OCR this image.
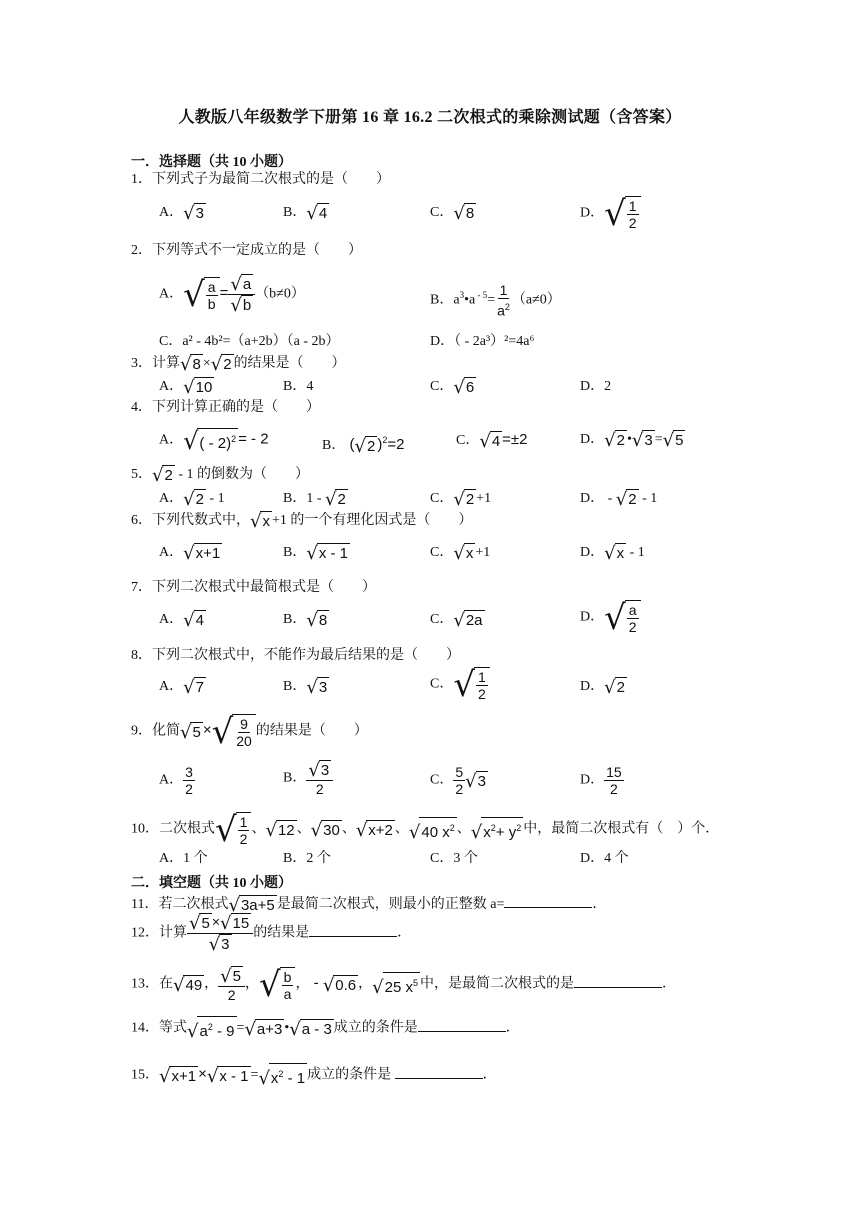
人教版八年级数学下册第 16 章 16.2 二次根式的乘除测试题（含答案）
一．选择题（共 10 小题）
1．下列式子为最简二次根式的是（　　）
A． √ 3	B． √ 4	C． √ 8	D． √ $\frac{1}{2}$
2．下列等式不一定成立的是（　　）
A． √ $\frac{a}{b} = \frac{√ a}{√ b} (b\ne 0)$	B．$a^3•a$ $^{- 5}= \frac{1}{a^2} (a\ne 0)$
C．a² - 4b²=（a+2b）（a - 2b）	D．（ - 2a³）²=4a⁶
3．计算 √ 8 × √ 2 的结果是（　　）
A． √ 10	B．4	C． √ 6	D．2
4．下列计算正确的是（　　）
A． √ ( - 2)$^2$ = - 2	B． ( √ 2 )$^2$=2	C． √ 4 =±2	D． √ 2 • √ 3 = √ 5
5． √ 2 - 1 的倒数为（　　）
A． √ 2 - 1	B．1 - √ 2	C． √ 2 +1	D． - √ 2 - 1
6．下列代数式中， √ x +1 的一个有理化因式是（　　）
A． √ x+1	B． √ x - 1	C． √ x +1	D． √ x - 1
7．下列二次根式中最简根式是（　　）
A． √ 4	B． √ 8	C． √ 2a	D． √ $\frac{a}{2}$
8．下列二次根式中，不能作为最后结果的是（　　）
A． √ 7	B． √ 3	C． √ $\frac{1}{2}$	D． √ 2
9．化简 √ 5 × √ $\frac{9}{20}$ 的结果是（　　）
A． $\frac{3}{2}$	B． $\frac{√ 3}{2}$	C． $\frac{5}{2}$ √ 3	D． $\frac{15}{2}$
10．二次根式 √ $\frac{1}{2}$ 、 √ 12 、 √ 30 、 √ x+2 、 √ 40 $x^2$ 、 √ $x^2+ y^2$ 中，最简二次根式有（　）个．
A．1 个	B．2 个	C．3 个	D．4 个
二．填空题（共 10 小题）
11．若二次根式 √ 3a+5 是最简二次根式，则最小的正整数 a=	．
12．计算 $\frac{√ 5 \times √ 15}{√ 3}$ 的结果是	．
13．在 √ 49 ， $\frac{√ 5}{2}$ ， √ $\frac{b}{a}$ ， - √ 0.6 ， √ 25 $x^5$ 中，是最简二次根式的是	．
14．等式 √ $a^2 - 9$ = √ a+3 • √ a - 3 成立的条件是	．
15． √ x+1 × √ x - 1 = √ $x^2 - 1$ 成立的条件是	．
